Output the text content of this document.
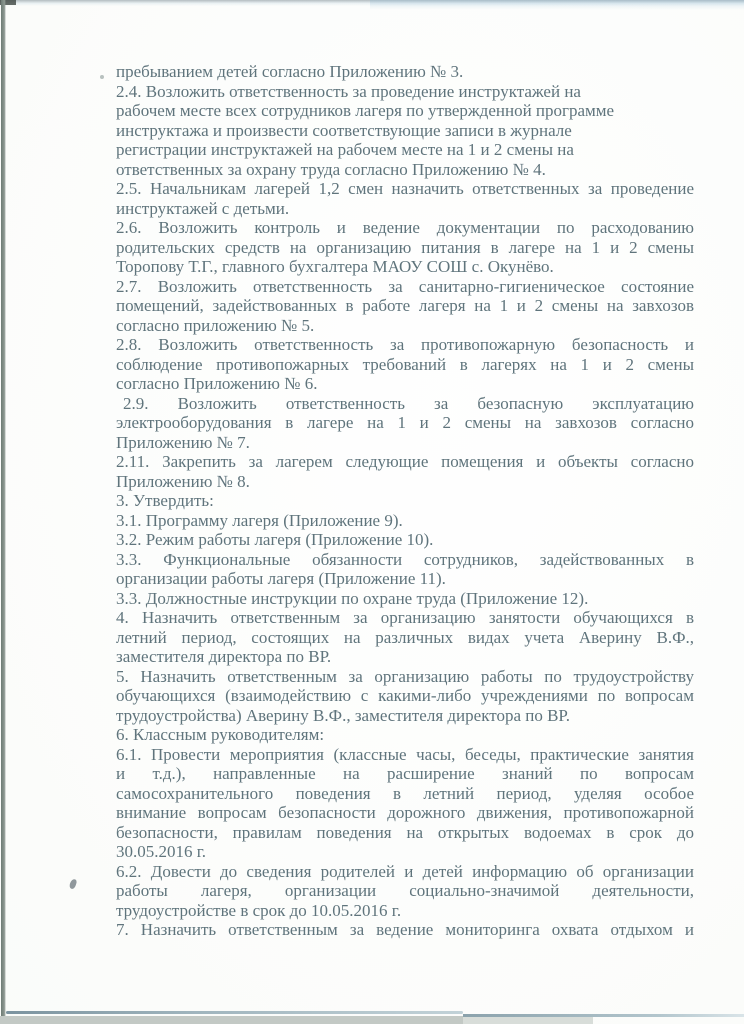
пребыванием детей согласно Приложению № 3.
2.4. Возложить ответственность за проведение инструктажей на
рабочем месте всех сотрудников лагеря по утвержденной программе
инструктажа и произвести соответствующие записи в журнале
регистрации инструктажей на рабочем месте на 1 и 2 смены на
ответственных за охрану труда согласно Приложению № 4.
2.5. Начальникам лагерей 1,2 смен назначить ответственных за проведение
инструктажей с детьми.
2.6. Возложить контроль и ведение документации по расходованию
родительских средств на организацию питания в лагере на 1 и 2 смены
Торопову Т.Г., главного бухгалтера МАОУ СОШ с. Окунёво.
2.7. Возложить ответственность за санитарно-гигиеническое состояние
помещений, задействованных в работе лагеря на 1 и 2 смены на завхозов
согласно приложению № 5.
2.8. Возложить ответственность за противопожарную безопасность и
соблюдение противопожарных требований в лагерях на 1 и 2 смены
согласно Приложению № 6.
2.9. Возложить ответственность за безопасную эксплуатацию
электрооборудования в лагере на 1 и 2 смены на завхозов согласно
Приложению № 7.
2.11. Закрепить за лагерем следующие помещения и объекты согласно
Приложению № 8.
3. Утвердить:
3.1. Программу лагеря (Приложение 9).
3.2. Режим работы лагеря (Приложение 10).
3.3. Функциональные обязанности сотрудников, задействованных в
организации работы лагеря (Приложение 11).
3.3. Должностные инструкции по охране труда (Приложение 12).
4. Назначить ответственным за организацию занятости обучающихся в
летний период, состоящих на различных видах учета Аверину В.Ф.,
заместителя директора по ВР.
5. Назначить ответственным за организацию работы по трудоустройству
обучающихся (взаимодействию с какими-либо учреждениями по вопросам
трудоустройства) Аверину В.Ф., заместителя директора по ВР.
6. Классным руководителям:
6.1. Провести мероприятия (классные часы, беседы, практические занятия
и т.д.), направленные на расширение знаний по вопросам
самосохранительного поведения в летний период, уделяя особое
внимание вопросам безопасности дорожного движения, противопожарной
безопасности, правилам поведения на открытых водоемах в срок до
30.05.2016 г.
6.2. Довести до сведения родителей и детей информацию об организации
работы лагеря, организации социально-значимой деятельности,
трудоустройстве в срок до 10.05.2016 г.
7. Назначить ответственным за ведение мониторинга охвата отдыхом и
